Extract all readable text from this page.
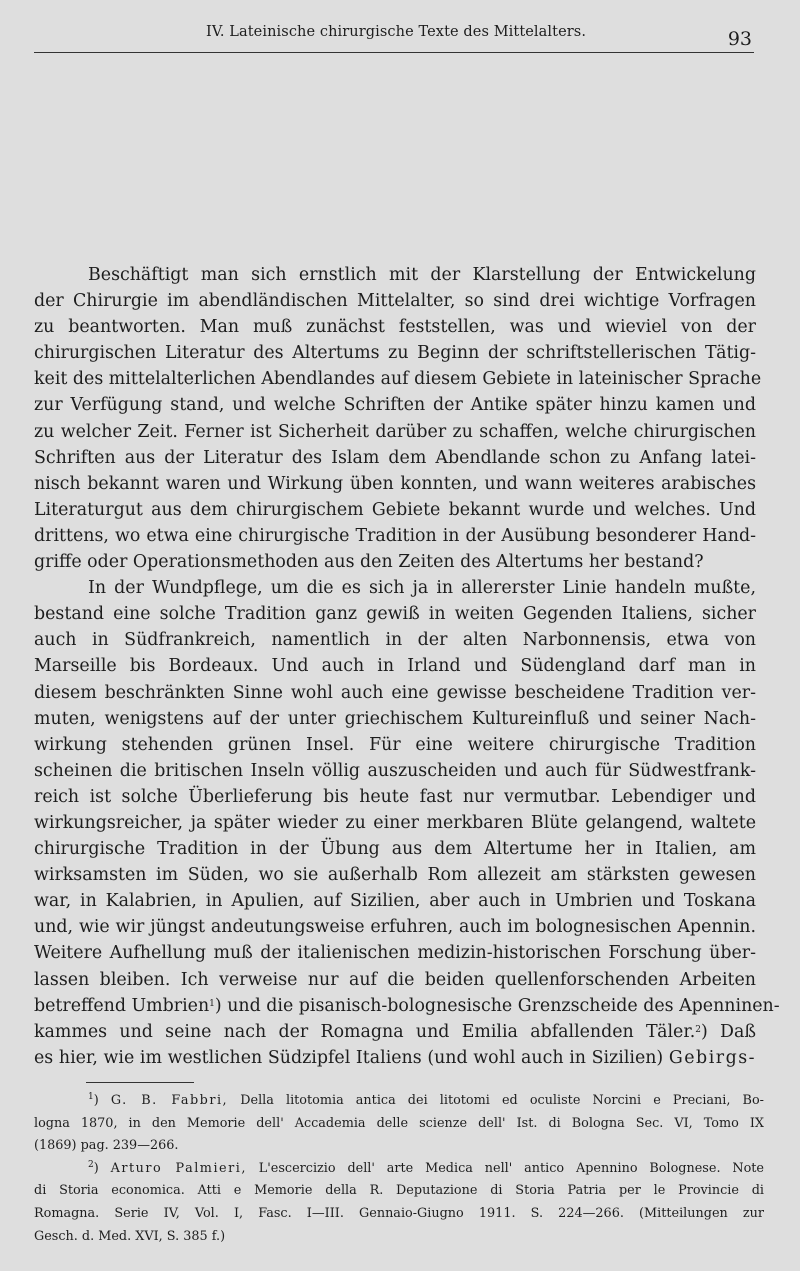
IV. Lateinische chirurgische Texte des Mittelalters.	93
Beschäftigt man sich ernstlich mit der Klarstellung der Entwickelung
der Chirurgie im abendländischen Mittelalter, so sind drei wichtige Vorfragen
zu beantworten. Man muß zunächst feststellen, was und wieviel von der
chirurgischen Literatur des Altertums zu Beginn der schriftstellerischen Tätig-
keit des mittelalterlichen Abendlandes auf diesem Gebiete in lateinischer Sprache
zur Verfügung stand, und welche Schriften der Antike später hinzu kamen und
zu welcher Zeit. Ferner ist Sicherheit darüber zu schaffen, welche chirurgischen
Schriften aus der Literatur des Islam dem Abendlande schon zu Anfang latei-
nisch bekannt waren und Wirkung üben konnten, und wann weiteres arabisches
Literaturgut aus dem chirurgischem Gebiete bekannt wurde und welches. Und
drittens, wo etwa eine chirurgische Tradition in der Ausübung besonderer Hand-
griffe oder Operationsmethoden aus den Zeiten des Altertums her bestand?
In der Wundpflege, um die es sich ja in allererster Linie handeln mußte,
bestand eine solche Tradition ganz gewiß in weiten Gegenden Italiens, sicher
auch in Südfrankreich, namentlich in der alten Narbonnensis, etwa von
Marseille bis Bordeaux. Und auch in Irland und Südengland darf man in
diesem beschränkten Sinne wohl auch eine gewisse bescheidene Tradition ver-
muten, wenigstens auf der unter griechischem Kultureinfluß und seiner Nach-
wirkung stehenden grünen Insel. Für eine weitere chirurgische Tradition
scheinen die britischen Inseln völlig auszuscheiden und auch für Südwestfrank-
reich ist solche Überlieferung bis heute fast nur vermutbar. Lebendiger und
wirkungsreicher, ja später wieder zu einer merkbaren Blüte gelangend, waltete
chirurgische Tradition in der Übung aus dem Altertume her in Italien, am
wirksamsten im Süden, wo sie außerhalb Rom allezeit am stärksten gewesen
war, in Kalabrien, in Apulien, auf Sizilien, aber auch in Umbrien und Toskana
und, wie wir jüngst andeutungsweise erfuhren, auch im bolognesischen Apennin.
Weitere Aufhellung muß der italienischen medizin-historischen Forschung über-
lassen bleiben. Ich verweise nur auf die beiden quellenforschenden Arbeiten
betreffend Umbrien$^1$) und die pisanisch-bolognesische Grenzscheide des Apenninen-
kammes und seine nach der Romagna und Emilia abfallenden Täler.$^2$) Daß
es hier, wie im westlichen Südzipfel Italiens (und wohl auch in Sizilien) Gebirgs-
$^1$) G. B. Fabbri, Della litotomia antica dei litotomi ed oculiste Norcini e Preciani, Bo-
logna 1870, in den Memorie dell' Accademia delle scienze dell' Ist. di Bologna Sec. VI, Tomo IX
(1869) pag. 239—266.
$^2$) Arturo Palmieri, L'escercizio dell' arte Medica nell' antico Apennino Bolognese. Note
di Storia economica. Atti e Memorie della R. Deputazione di Storia Patria per le Provincie di
Romagna. Serie IV, Vol. I, Fasc. I—III. Gennaio-Giugno 1911. S. 224—266. (Mitteilungen zur
Gesch. d. Med. XVI, S. 385 f.)
